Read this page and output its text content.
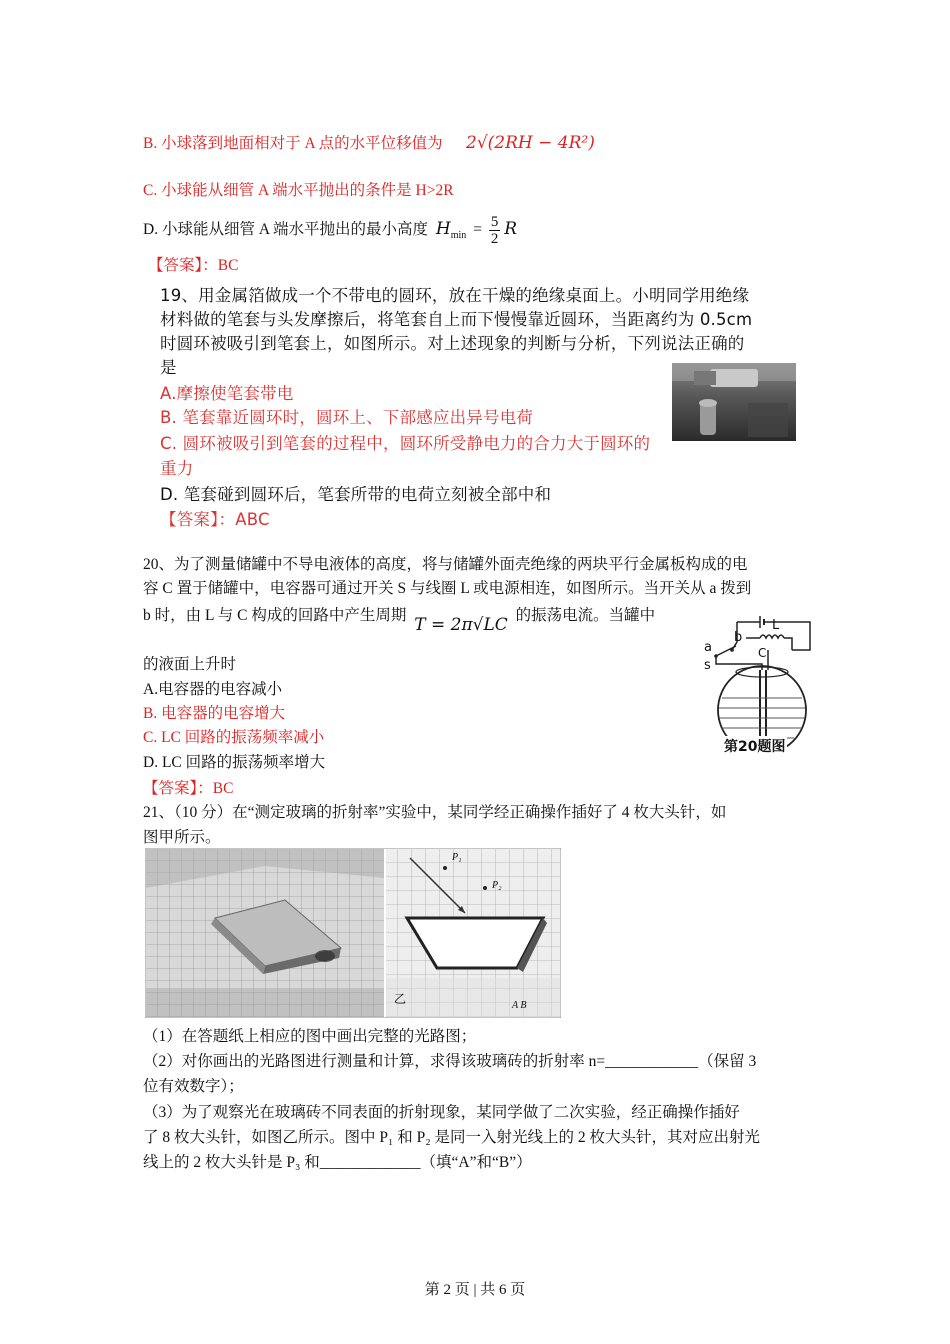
B. 小球落到地面相对于 A 点的水平位移值为 2√(2RH − 4R²)
C. 小球能从细管 A 端水平抛出的条件是 H>2R
D. 小球能从细管 A 端水平抛出的最小高度 $H_{min} = \frac{5}{2}$ R
【答案】：BC
19、用金属箔做成一个不带电的圆环，放在干燥的绝缘桌面上。小明同学用绝缘
材料做的笔套与头发摩擦后，将笔套自上而下慢慢靠近圆环，当距离约为 0.5cm
时圆环被吸引到笔套上，如图所示。对上述现象的判断与分析，下列说法正确的
是
A.摩擦使笔套带电
B. 笔套靠近圆环时，圆环上、下部感应出异号电荷
C. 圆环被吸引到笔套的过程中，圆环所受静电力的合力大于圆环的
重力
D. 笔套碰到圆环后，笔套所带的电荷立刻被全部中和
【答案】：ABC
20、为了测量储罐中不导电液体的高度，将与储罐外面壳绝缘的两块平行金属板构成的电
容 C 置于储罐中，电容器可通过开关 S 与线圈 L 或电源相连，如图所示。当开关从 a 拨到
b 时，由 L 与 C 构成的回路中产生周期 T = 2π√LC 的振荡电流。当罐中
的液面上升时
A.电容器的电容减小
B. 电容器的电容增大
C. LC 回路的振荡频率减小
D. LC 回路的振荡频率增大
【答案】：BC
a
b
s
L
C
第20题图
21、（10 分）在“测定玻璃的折射率”实验中，某同学经正确操作插好了 4 枚大头针，如
图甲所示。
P₁
P₂
乙	A B
（1）在答题纸上相应的图中画出完整的光路图；
（2）对你画出的光路图进行测量和计算，求得该玻璃砖的折射率 n=____________（保留 3
位有效数字）；
（3）为了观察光在玻璃砖不同表面的折射现象，某同学做了二次实验，经正确操作插好
了 8 枚大头针，如图乙所示。图中 P₁ 和 P₂ 是同一入射光线上的 2 枚大头针，其对应出射光
线上的 2 枚大头针是 P₃ 和_____________（填“A”和“B”）
第 2 页 | 共 6 页
